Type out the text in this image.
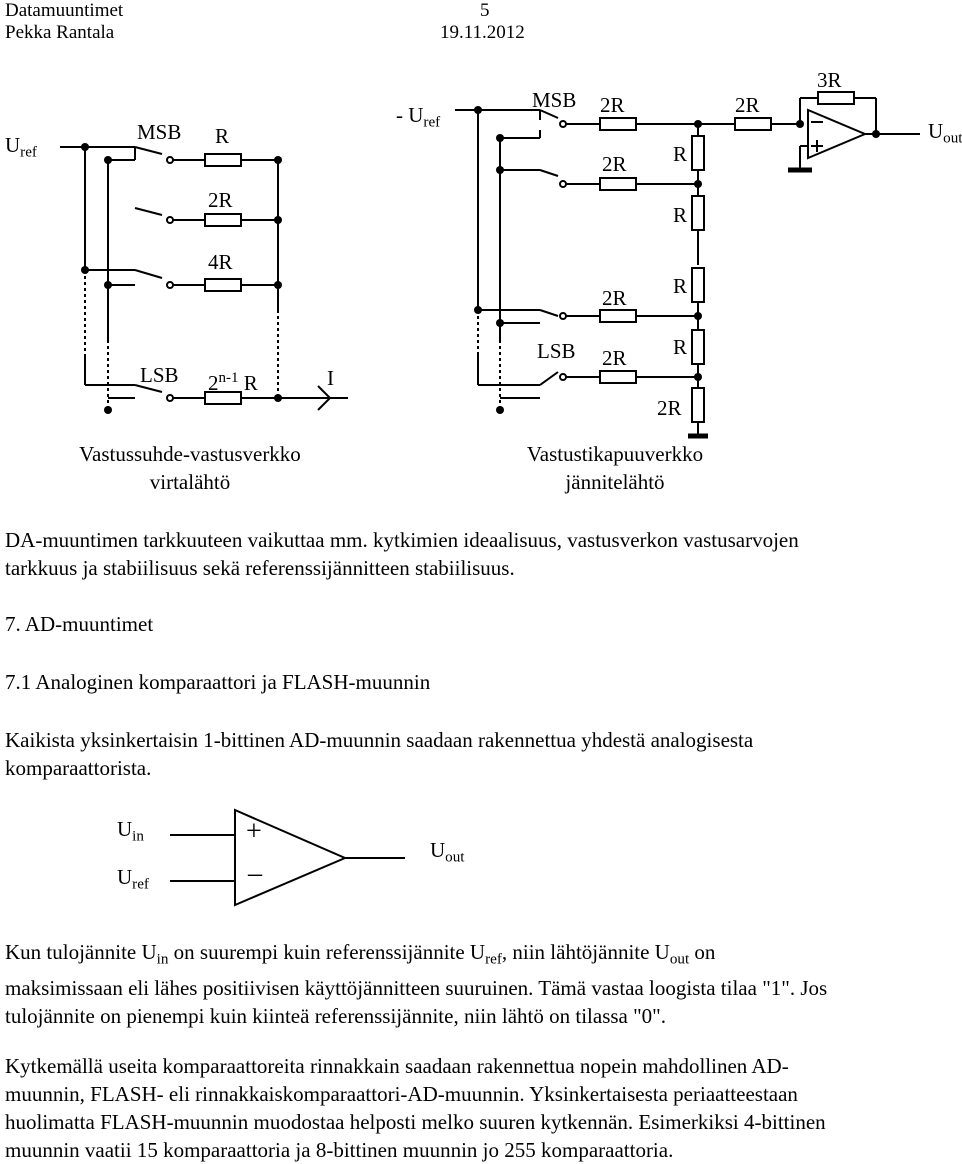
Datamuuntimet	5
Pekka Rantala	19.11.2012
$U_{ref}$
MSB R
2R
4R
LSB 2$^{n-1}$ R	I
Vastussuhde-vastusverkko
virtalähtö
- $U_{ref}$
MSB 2R	2R
3R
$U_{out}$
2R
2R
2R
LSB
2R
R
R
R
R
Vastustikapuuverkko
jännitelähtö
DA-muuntimen tarkkuuteen vaikuttaa mm. kytkimien ideaalisuus, vastusverkon vastusarvojen
tarkkuus ja stabiilisuus sekä referenssijännitteen stabiilisuus.
7. AD-muuntimet
7.1 Analoginen komparaattori ja FLASH-muunnin
Kaikista yksinkertaisin 1-bittinen AD-muunnin saadaan rakennettua yhdestä analogisesta
komparaattorista.
+
–
$U_{in}$
$U_{ref}$
$U_{out}$
Kun tulojännite $U_{in}$ on suurempi kuin referenssijännite $U_{ref}$, niin lähtöjännite $U_{out}$ on
maksimissaan eli lähes positiivisen käyttöjännitteen suuruinen. Tämä vastaa loogista tilaa "1". Jos
tulojännite on pienempi kuin kiinteä referenssijännite, niin lähtö on tilassa "0".
Kytkemällä useita komparaattoreita rinnakkain saadaan rakennettua nopein mahdollinen AD-
muunnin, FLASH- eli rinnakkaiskomparaattori-AD-muunnin. Yksinkertaisesta periaatteestaan
huolimatta FLASH-muunnin muodostaa helposti melko suuren kytkennän. Esimerkiksi 4-bittinen
muunnin vaatii 15 komparaattoria ja 8-bittinen muunnin jo 255 komparaattoria.
